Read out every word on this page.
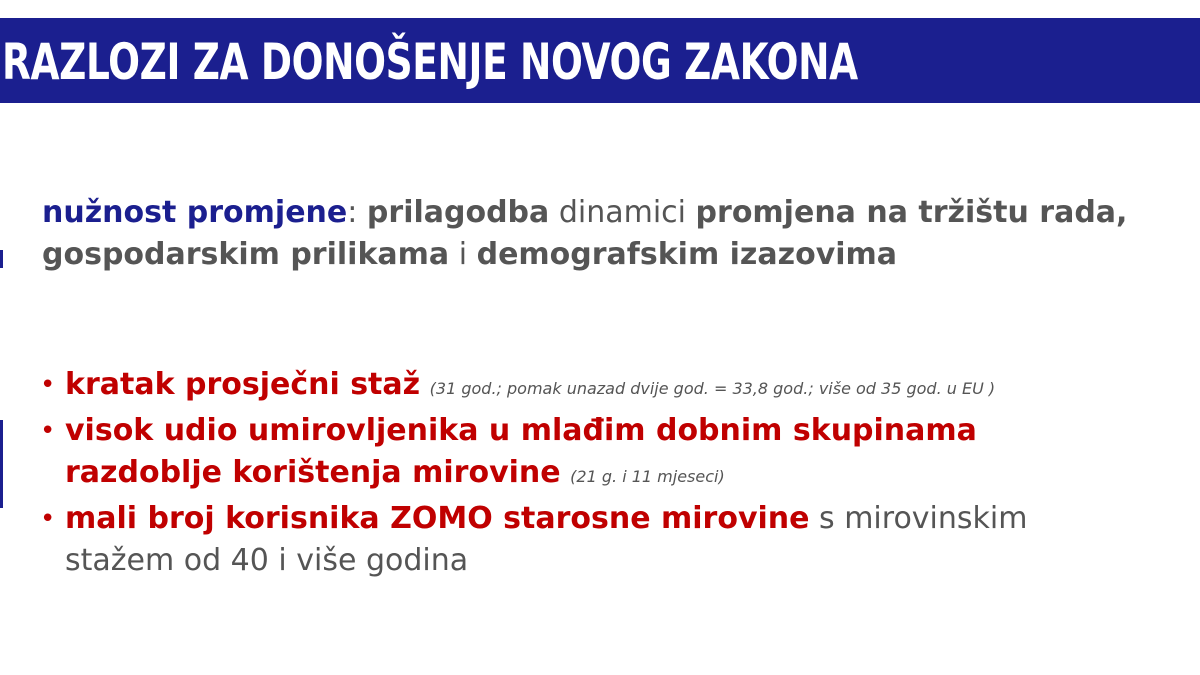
RAZLOZI ZA DONOŠENJE NOVOG ZAKONA
nužnost promjene: prilagodba dinamici promjena na tržištu rada,
gospodarskim prilikama i demografskim izazovima
• kratak prosječni staž (31 god.; pomak unazad dvije god. = 33,8 god.; više od 35 god. u EU )
• visok udio umirovljenika u mlađim dobnim skupinama
razdoblje korištenja mirovine (21 g. i 11 mjeseci)
• mali broj korisnika ZOMO starosne mirovine s mirovinskim
stažem od 40 i više godina
